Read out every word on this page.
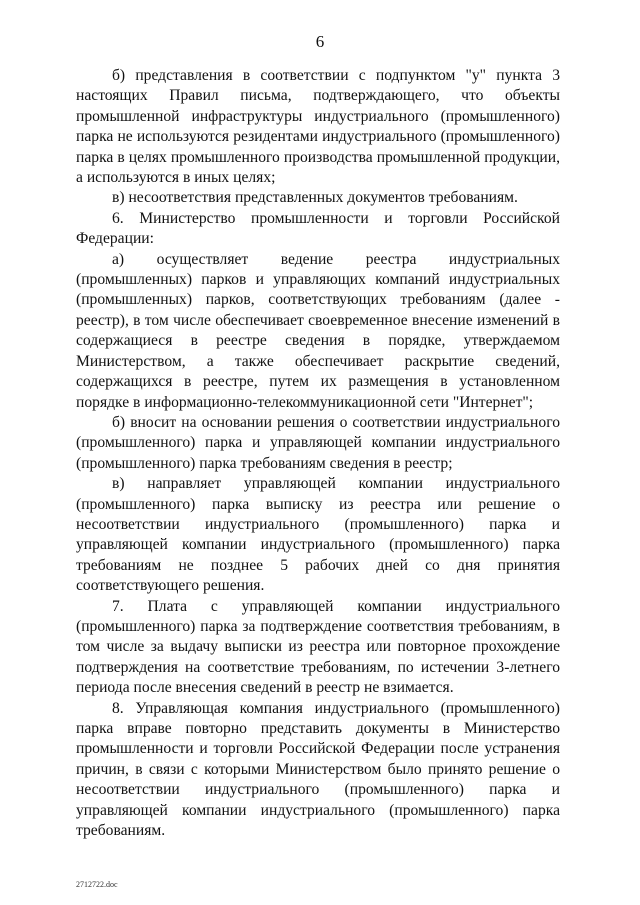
6

б) представления в соответствии с подпунктом "у" пункта 3 настоящих Правил письма, подтверждающего, что объекты промышленной инфраструктуры индустриального (промышленного) парка не используются резидентами индустриального (промышленного) парка в целях промышленного производства промышленной продукции, а используются в иных целях;

в) несоответствия представленных документов требованиям.

6. Министерство промышленности и торговли Российской Федерации:

а) осуществляет ведение реестра индустриальных (промышленных) парков и управляющих компаний индустриальных (промышленных) парков, соответствующих требованиям (далее - реестр), в том числе обеспечивает своевременное внесение изменений в содержащиеся в реестре сведения в порядке, утверждаемом Министерством, а также обеспечивает раскрытие сведений, содержащихся в реестре, путем их размещения в установленном порядке в информационно-телекоммуникационной сети "Интернет";

б) вносит на основании решения о соответствии индустриального (промышленного) парка и управляющей компании индустриального (промышленного) парка требованиям сведения в реестр;

в) направляет управляющей компании индустриального (промышленного) парка выписку из реестра или решение о несоответствии индустриального (промышленного) парка и управляющей компании индустриального (промышленного) парка требованиям не позднее 5 рабочих дней со дня принятия соответствующего решения.

7. Плата с управляющей компании индустриального (промышленного) парка за подтверждение соответствия требованиям, в том числе за выдачу выписки из реестра или повторное прохождение подтверждения на соответствие требованиям, по истечении 3-летнего периода после внесения сведений в реестр не взимается.

8. Управляющая компания индустриального (промышленного) парка вправе повторно представить документы в Министерство промышленности и торговли Российской Федерации после устранения причин, в связи с которыми Министерством было принято решение о несоответствии индустриального (промышленного) парка и управляющей компании индустриального (промышленного) парка требованиям.

2712722.doc
